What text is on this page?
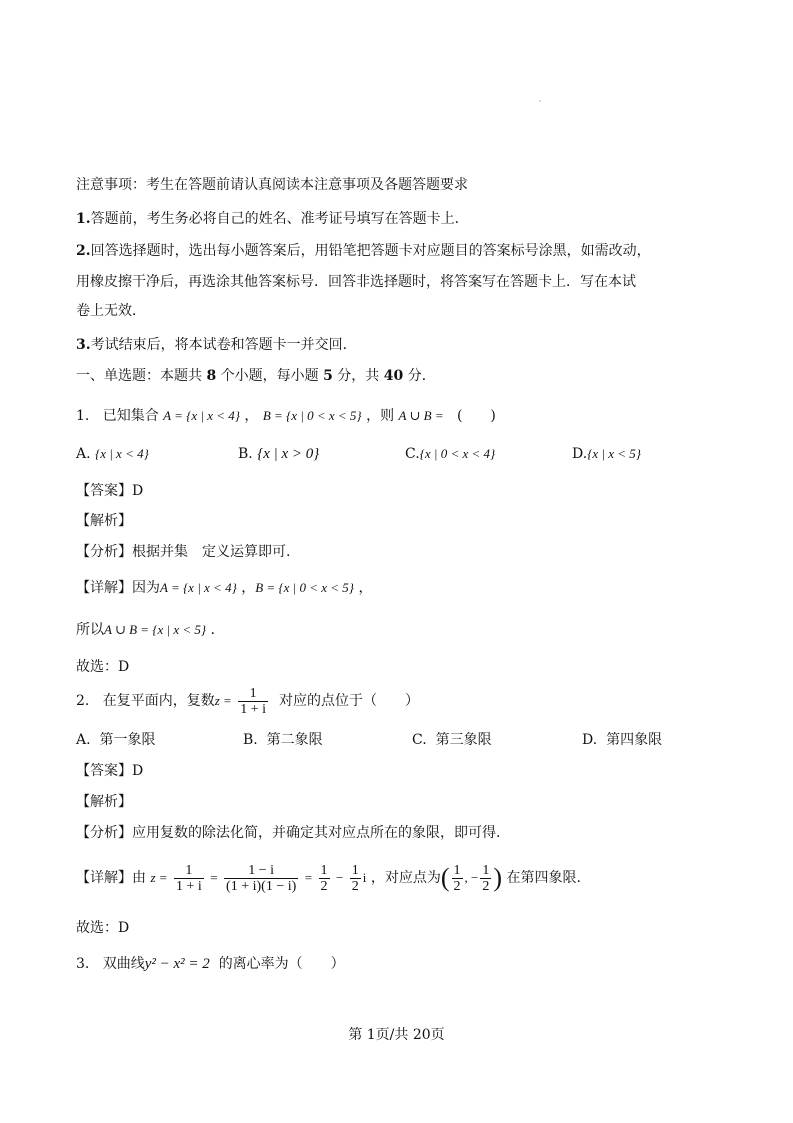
注意事项：考生在答题前请认真阅读本注意事项及各题答题要求
1.答题前，考生务必将自己的姓名、准考证号填写在答题卡上．
2.回答选择题时，选出每小题答案后，用铅笔把答题卡对应题目的答案标号涂黑，如需改动，
用橡皮擦干净后，再选涂其他答案标号．回答非选择题时，将答案写在答题卡上．写在本试
卷上无效．
3.考试结束后，将本试卷和答题卡一并交回．
一、单选题：本题共 8 个小题，每小题 5 分，共 40 分．
1. 已知集合 A = {x | x < 4} ， B = {x | 0 < x < 5} ，则 A ∪ B = (　　)
A. {x | x < 4}	B. {x | x > 0}	C.{x | 0 < x < 4}	D.{x | x < 5}
【答案】D
【解析】
【分析】根据并集　定义运算即可.
【详解】因为A = {x | x < 4} ，B = {x | 0 < x < 5} ，
所以A ∪ B = {x | x < 5} ．
故选：D
2. 在复平面内，复数$z = \frac{1}{1 + i}$ 对应的点位于（　　）
A. 第一象限	B. 第二象限	C. 第三象限	D. 第四象限
【答案】D
【解析】
【分析】应用复数的除法化简，并确定其对应点所在的象限，即可得.
【详解】由 $z = \frac{1}{1 + i} = \frac{1 - i}{(1 + i)(1 - i)} = \frac{1}{2} - \frac{1}{2}$ i ，对应点为( $\frac{1}{2}$ , − $\frac{1}{2}$ ) 在第四象限.
故选：D
3. 双曲线y² − x² = 2 的离心率为（　　）
第 1页/共 20页
